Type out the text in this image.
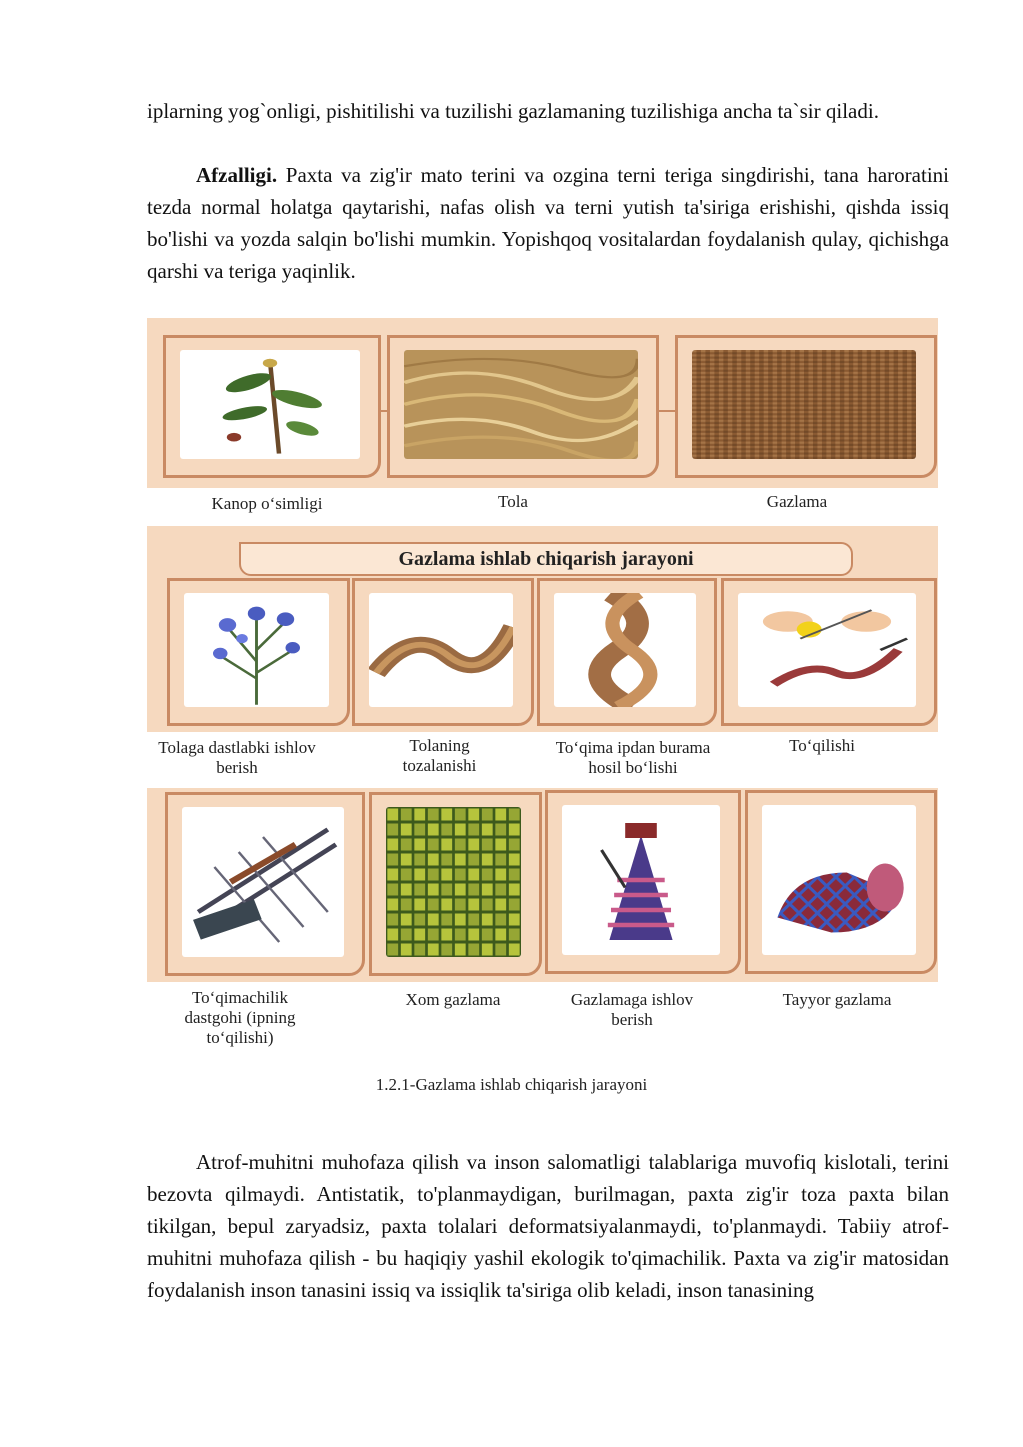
iplarning yog`onligi, pishitilishi va tuzilishi gazlamaning tuzilishiga ancha ta`sir qiladi.

Afzalligi. Paxta va zig'ir mato terini va ozgina terni teriga singdirishi, tana haroratini tezda normal holatga qaytarishi, nafas olish va terni yutish ta'siriga erishishi, qishda issiq bo'lishi va yozda salqin bo'lishi mumkin. Yopishqoq vositalardan foydalanish qulay, qichishga qarshi va teriga yaqinlik.

Kanop o‘simligi	Tola	Gazlama
Gazlama ishlab chiqarish jarayoni
Tolaga dastlabki ishlov berish
Tolaning tozalanishi
To‘qima ipdan burama hosil bo‘lishi
To‘qilishi
To‘qimachilik dastgohi (ipning to‘qilishi)
Xom gazlama	Gazlamaga ishlov berish
Tayyor gazlama
1.2.1-Gazlama ishlab chiqarish jarayoni

Atrof-muhitni muhofaza qilish va inson salomatligi talablariga muvofiq kislotali, terini bezovta qilmaydi. Antistatik, to'planmaydigan, burilmagan, paxta zig'ir toza paxta bilan tikilgan, bepul zaryadsiz, paxta tolalari deformatsiyalanmaydi, to'planmaydi. Tabiiy atrof-muhitni muhofaza qilish - bu haqiqiy yashil ekologik to'qimachilik. Paxta va zig'ir matosidan foydalanish inson tanasini issiq va issiqlik ta'siriga olib keladi, inson tanasining
